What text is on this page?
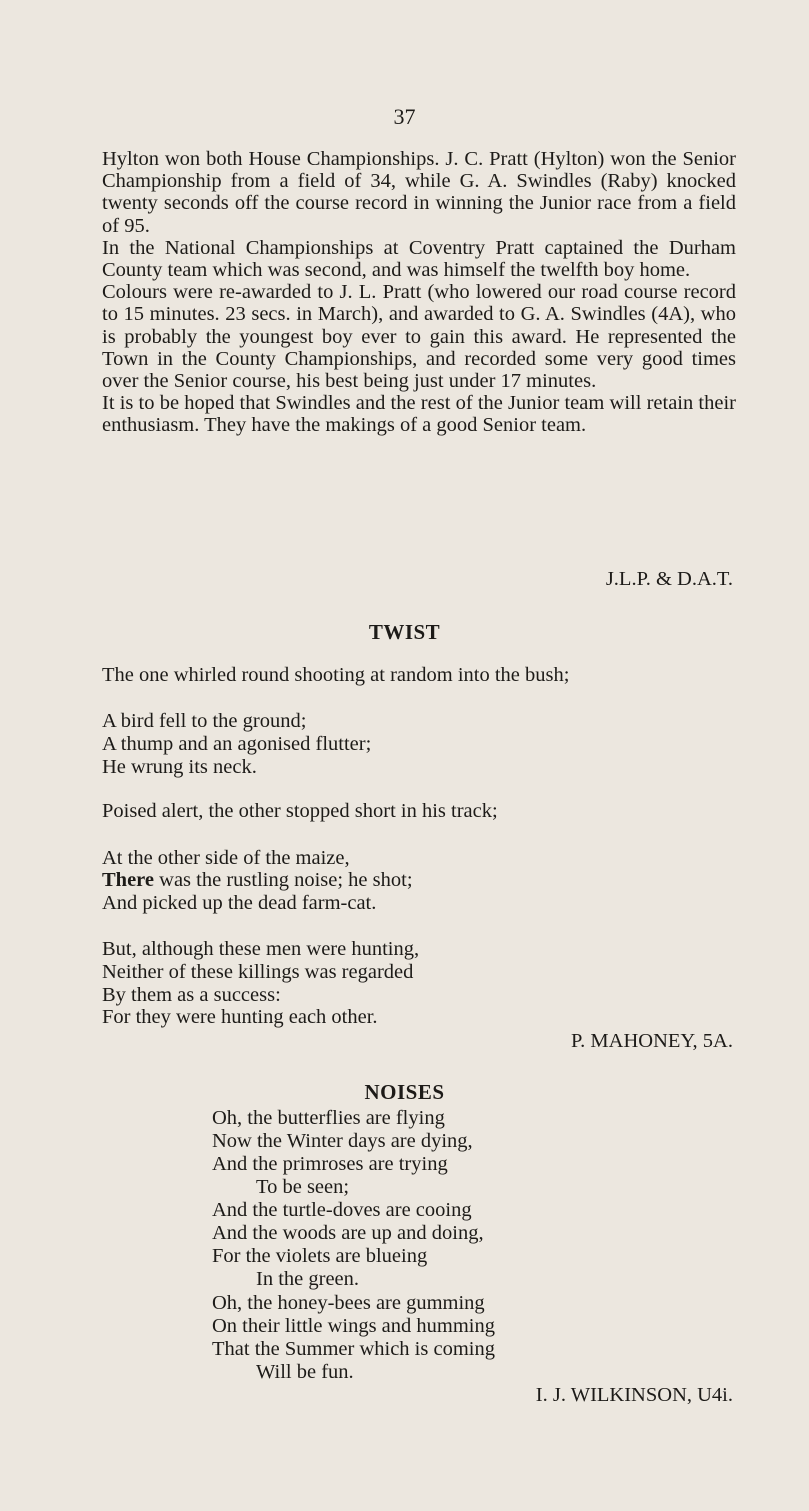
37

Hylton won both House Championships. J. C. Pratt (Hylton) won the Senior Championship from a field of 34, while G. A. Swindles (Raby) knocked twenty seconds off the course record in winning the Junior race from a field of 95.

In the National Championships at Coventry Pratt captained the Durham County team which was second, and was himself the twelfth boy home.

Colours were re-awarded to J. L. Pratt (who lowered our road course record to 15 minutes. 23 secs. in March), and awarded to G. A. Swindles (4A), who is probably the youngest boy ever to gain this award. He represented the Town in the County Championships, and recorded some very good times over the Senior course, his best being just under 17 minutes.

It is to be hoped that Swindles and the rest of the Junior team will retain their enthusiasm. They have the makings of a good Senior team.

J.L.P. & D.A.T.
TWIST
The one whirled round shooting at random into the bush;
A bird fell to the ground;
A thump and an agonised flutter;
He wrung its neck.
Poised alert, the other stopped short in his track;
At the other side of the maize,
There was the rustling noise; he shot;
And picked up the dead farm-cat.
But, although these men were hunting,
Neither of these killings was regarded
By them as a success:
For they were hunting each other.
P. MAHONEY, 5A.
NOISES
Oh, the butterflies are flying
Now the Winter days are dying,
And the primroses are trying
To be seen;
And the turtle-doves are cooing
And the woods are up and doing,
For the violets are blueing
In the green.
Oh, the honey-bees are gumming
On their little wings and humming
That the Summer which is coming
Will be fun.
I. J. WILKINSON, U4i.
